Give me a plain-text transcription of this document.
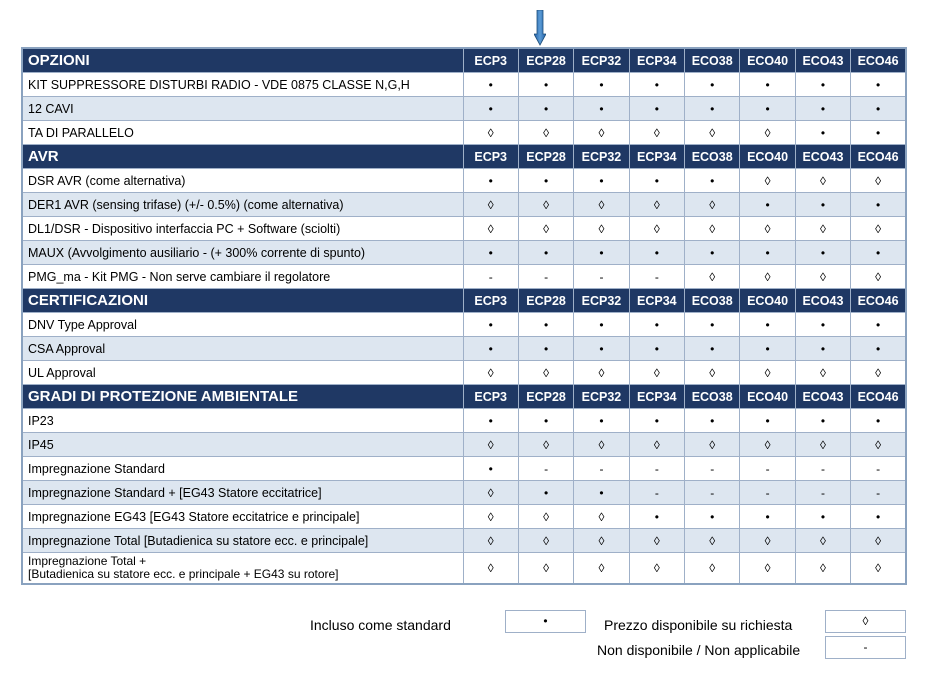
OPZIONI	ECP3	ECP28	ECP32	ECP34	ECO38	ECO40	ECO43	ECO46
KIT SUPPRESSORE DISTURBI RADIO - VDE 0875 CLASSE N,G,H	•	•	•	•	•	•	•	•
12 CAVI	•	•	•	•	•	•	•	•
TA DI PARALLELO	◊	◊	◊	◊	◊	◊	•	•
AVR	ECP3	ECP28	ECP32	ECP34	ECO38	ECO40	ECO43	ECO46
DSR AVR (come alternativa)	•	•	•	•	•	◊	◊	◊
DER1 AVR (sensing trifase) (+/- 0.5%) (come alternativa)	◊	◊	◊	◊	◊	•	•	•
DL1/DSR - Dispositivo interfaccia PC + Software (sciolti)	◊	◊	◊	◊	◊	◊	◊	◊
MAUX (Avvolgimento ausiliario - (+ 300% corrente di spunto)	•	•	•	•	•	•	•	•
PMG_ma - Kit PMG - Non serve cambiare il regolatore	-	-	-	-	◊	◊	◊	◊
CERTIFICAZIONI	ECP3	ECP28	ECP32	ECP34	ECO38	ECO40	ECO43	ECO46
DNV Type Approval	•	•	•	•	•	•	•	•
CSA Approval	•	•	•	•	•	•	•	•
UL Approval	◊	◊	◊	◊	◊	◊	◊	◊
GRADI DI PROTEZIONE AMBIENTALE	ECP3	ECP28	ECP32	ECP34	ECO38	ECO40	ECO43	ECO46
IP23	•	•	•	•	•	•	•	•
IP45	◊	◊	◊	◊	◊	◊	◊	◊
Impregnazione Standard	•	-	-	-	-	-	-	-
Impregnazione Standard + [EG43 Statore eccitatrice]	◊	•	•	-	-	-	-	-
Impregnazione EG43 [EG43 Statore eccitatrice e principale]	◊	◊	◊	•	•	•	•	•
Impregnazione Total [Butadienica su statore ecc. e principale]	◊	◊	◊	◊	◊	◊	◊	◊
Impregnazione Total +
[Butadienica su statore ecc. e principale + EG43 su rotore]	◊	◊	◊	◊	◊	◊	◊	◊
Incluso come standard	•	Prezzo disponibile su richiesta	◊
Non disponibile / Non applicabile	-
